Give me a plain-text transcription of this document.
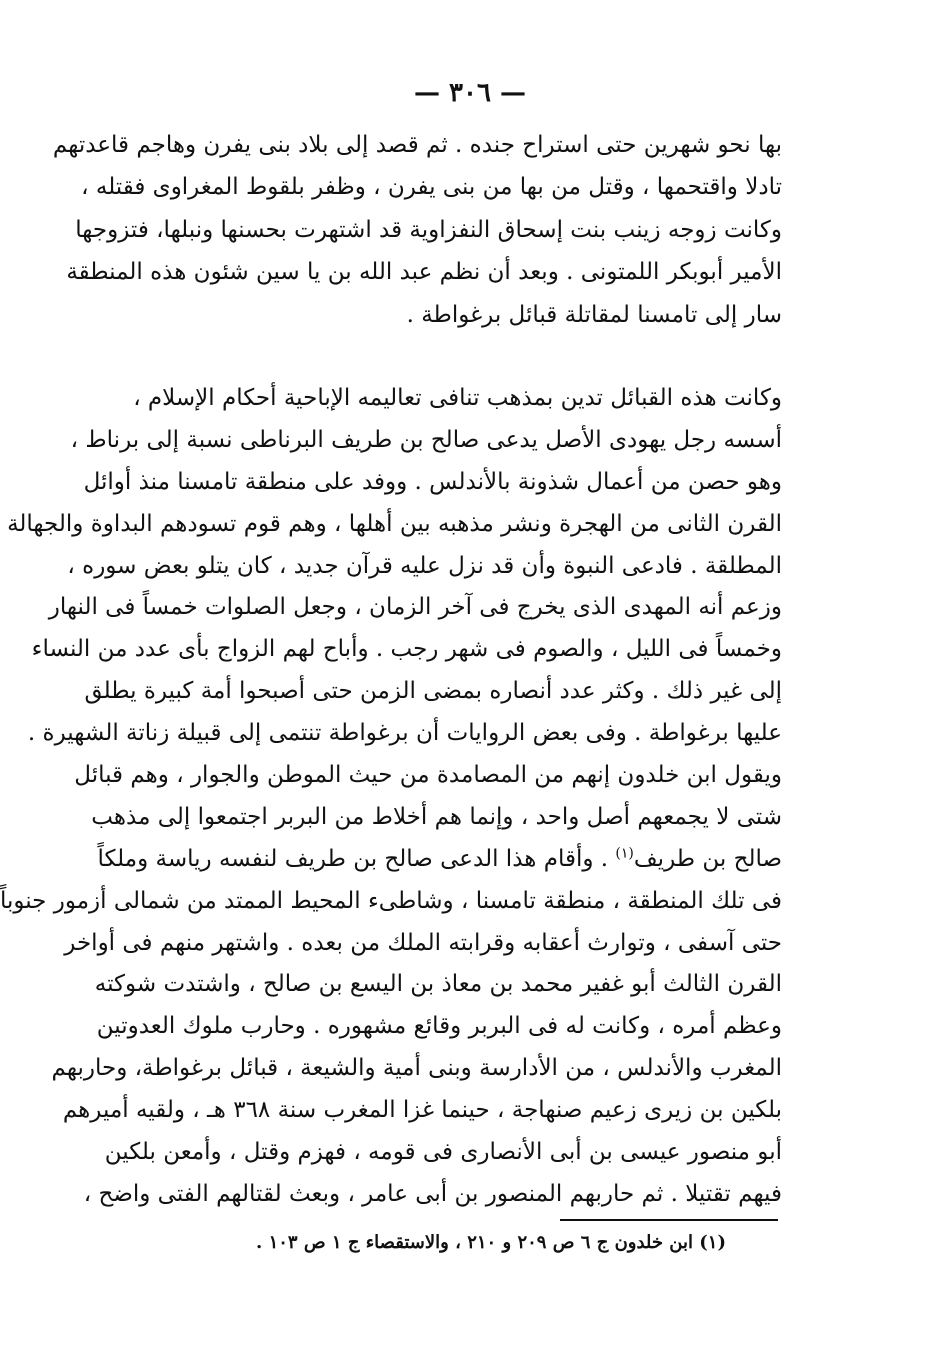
— ٣٠٦ —
بها نحو شهرين حتى استراح جنده . ثم قصد إلى بلاد بنى يفرن وهاجم قاعدتهم
تادلا واقتحمها ، وقتل من بها من بنى يفرن ، وظفر بلقوط المغراوى فقتله ،
وكانت زوجه زينب بنت إسحاق النفزاوية قد اشتهرت بحسنها ونبلها، فتزوجها
الأمير أبوبكر اللمتونى . وبعد أن نظم عبد الله بن يا سين شئون هذه المنطقة
سار إلى تامسنا لمقاتلة قبائل برغواطة .
وكانت هذه القبائل تدين بمذهب تنافى تعاليمه الإباحية أحكام الإسلام ،
أسسه رجل يهودى الأصل يدعى صالح بن طريف البرناطى نسبة إلى برناط ،
وهو حصن من أعمال شذونة بالأندلس . ووفد على منطقة تامسنا منذ أوائل
القرن الثانى من الهجرة ونشر مذهبه بين أهلها ، وهم قوم تسودهم البداوة والجهالة
المطلقة . فادعى النبوة وأن قد نزل عليه قرآن جديد ، كان يتلو بعض سوره ،
وزعم أنه المهدى الذى يخرج فى آخر الزمان ، وجعل الصلوات خمساً فى النهار
وخمساً فى الليل ، والصوم فى شهر رجب . وأباح لهم الزواج بأى عدد من النساء
إلى غير ذلك . وكثر عدد أنصاره بمضى الزمن حتى أصبحوا أمة كبيرة يطلق
عليها برغواطة . وفى بعض الروايات أن برغواطة تنتمى إلى قبيلة زناتة الشهيرة .
ويقول ابن خلدون إنهم من المصامدة من حيث الموطن والجوار ، وهم قبائل
شتى لا يجمعهم أصل واحد ، وإنما هم أخلاط من البربر اجتمعوا إلى مذهب
صالح بن طريف$^{(١)}$ . وأقام هذا الدعى صالح بن طريف لنفسه رياسة وملكاً
فى تلك المنطقة ، منطقة تامسنا ، وشاطىء المحيط الممتد من شمالى أزمور جنوباً
حتى آسفى ، وتوارث أعقابه وقرابته الملك من بعده . واشتهر منهم فى أواخر
القرن الثالث أبو غفير محمد بن معاذ بن اليسع بن صالح ، واشتدت شوكته
وعظم أمره ، وكانت له فى البربر وقائع مشهوره . وحارب ملوك العدوتين
المغرب والأندلس ، من الأدارسة وبنى أمية والشيعة ، قبائل برغواطة، وحاربهم
بلكين بن زيرى زعيم صنهاجة ، حينما غزا المغرب سنة ٣٦٨ هـ ، ولقيه أميرهم
أبو منصور عيسى بن أبى الأنصارى فى قومه ، فهزم وقتل ، وأمعن بلكين
فيهم تقتيلا . ثم حاربهم المنصور بن أبى عامر ، وبعث لقتالهم الفتى واضح ،
(١) ابن خلدون ج ٦ ص ٢٠٩ و ٢١٠ ، والاستقصاء ج ١ ص ١٠٣ .
